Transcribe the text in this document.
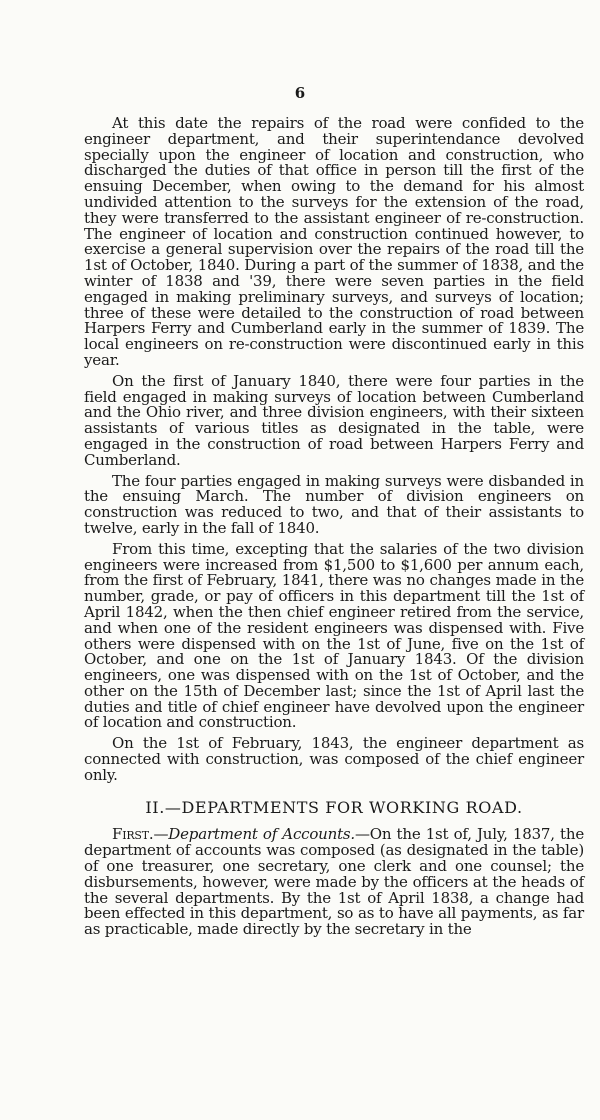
6

At this date the repairs of the road were confided to the engineer department, and their superintendance devolved specially upon the engineer of location and construction, who discharged the duties of that office in person till the first of the ensuing December, when owing to the demand for his almost undivided attention to the surveys for the extension of the road, they were transferred to the assistant engineer of re-construction. The engineer of location and construction continued however, to exercise a general supervision over the repairs of the road till the 1st of October, 1840. During a part of the summer of 1838, and the winter of 1838 and '39, there were seven parties in the field engaged in making preliminary surveys, and surveys of location; three of these were detailed to the construction of road between Harpers Ferry and Cumberland early in the summer of 1839. The local engineers on re-construction were discontinued early in this year.

On the first of January 1840, there were four parties in the field engaged in making surveys of location between Cumberland and the Ohio river, and three division engineers, with their sixteen assistants of various titles as designated in the table, were engaged in the construction of road between Harpers Ferry and Cumberland.

The four parties engaged in making surveys were disbanded in the ensuing March. The number of division engineers on construction was reduced to two, and that of their assistants to twelve, early in the fall of 1840.

From this time, excepting that the salaries of the two division engineers were increased from $1,500 to $1,600 per annum each, from the first of February, 1841, there was no changes made in the number, grade, or pay of officers in this department till the 1st of April 1842, when the then chief engineer retired from the service, and when one of the resident engineers was dispensed with. Five others were dispensed with on the 1st of June, five on the 1st of October, and one on the 1st of January 1843. Of the division engineers, one was dispensed with on the 1st of October, and the other on the 15th of December last; since the 1st of April last the duties and title of chief engineer have devolved upon the engineer of location and construction.

On the 1st of February, 1843, the engineer department as connected with construction, was composed of the chief engineer only.

II.—DEPARTMENTS FOR WORKING ROAD.

First.—Department of Accounts.—On the 1st of, July, 1837, the department of accounts was composed (as designated in the table) of one treasurer, one secretary, one clerk and one counsel; the disbursements, however, were made by the officers at the heads of the several departments. By the 1st of April 1838, a change had been effected in this department, so as to have all payments, as far as practicable, made directly by the secretary in the
